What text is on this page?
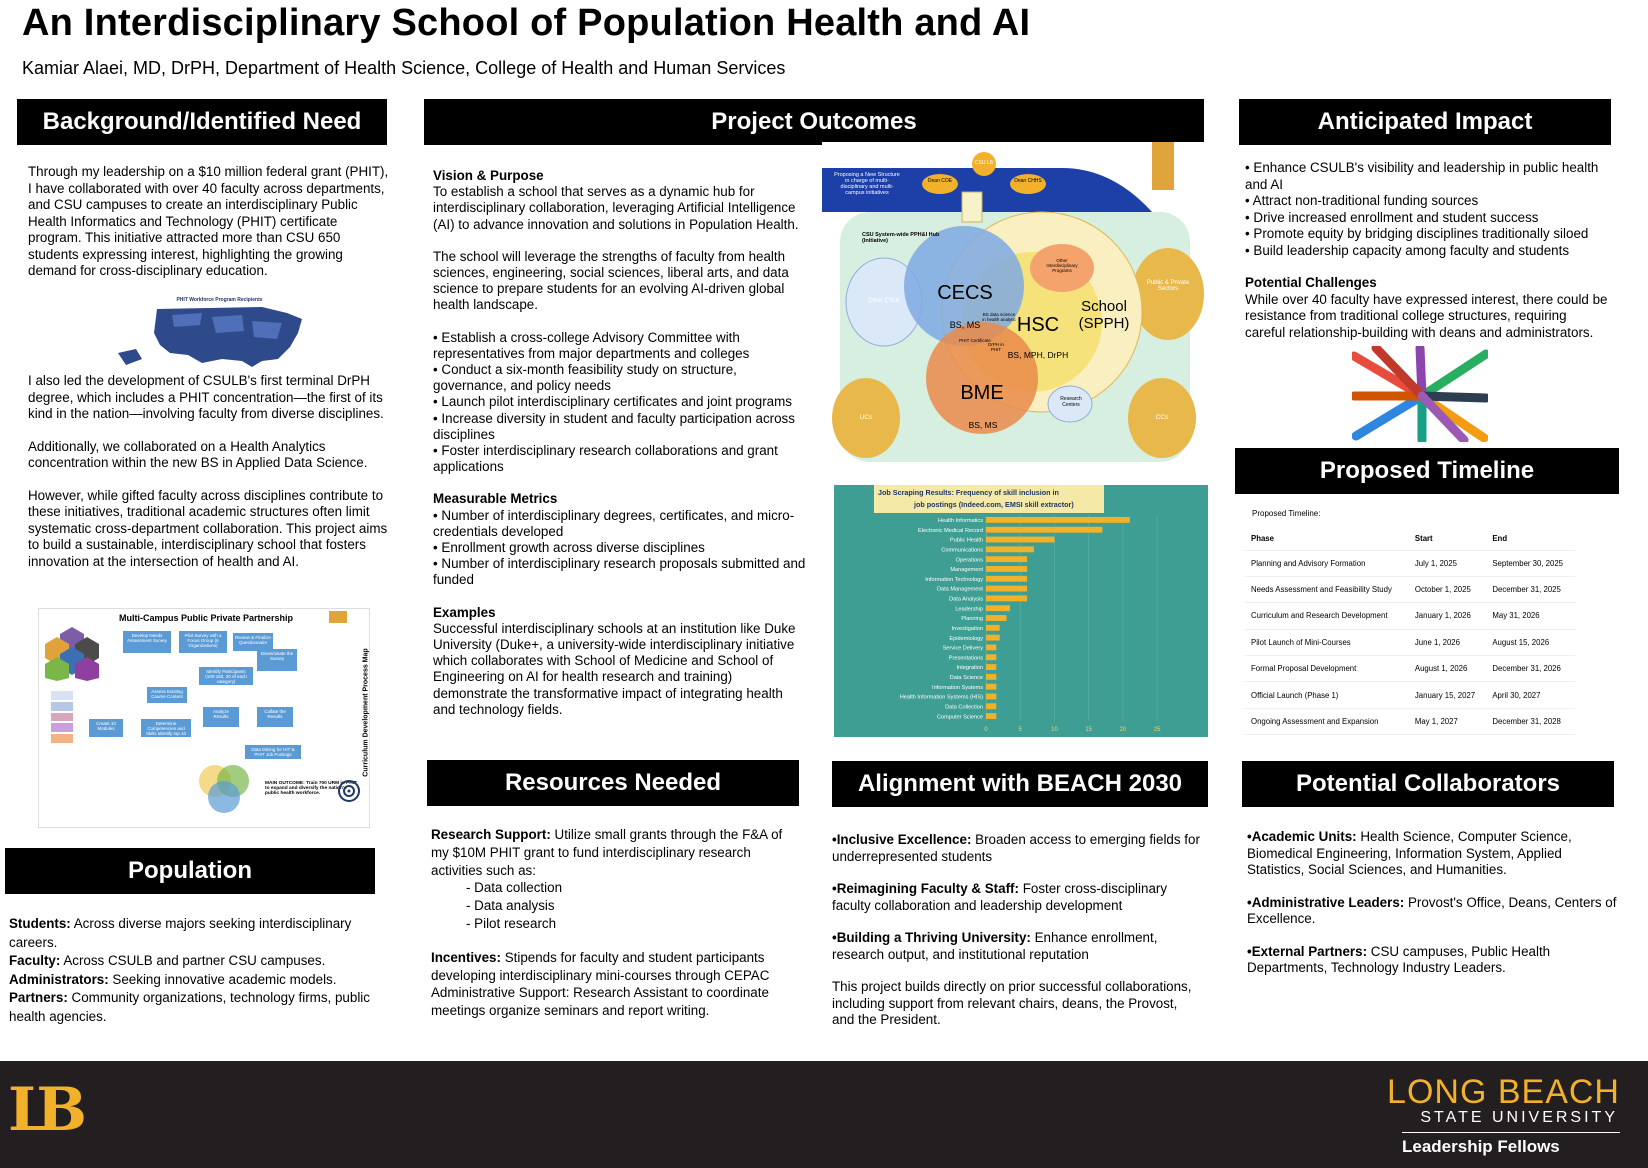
An Interdisciplinary School of Population Health and AI
Kamiar Alaei, MD, DrPH, Department of Health Science, College of Health and Human Services
Background/Identified Need

Through my leadership on a $10 million federal grant (PHIT), I have collaborated with over 40 faculty across departments, and CSU campuses to create an interdisciplinary Public Health Informatics and Technology (PHIT) certificate program. This initiative attracted more than CSU 650 students expressing interest, highlighting the growing demand for cross-disciplinary education.

PHIT Workforce Program Recipients

I also led the development of CSULB's first terminal DrPH degree, which includes a PHIT concentration—the first of its kind in the nation—involving faculty from diverse disciplines.

Additionally, we collaborated on a Health Analytics concentration within the new BS in Applied Data Science.

However, while gifted faculty across disciplines contribute to these initiatives, traditional academic structures often limit systematic cross-department collaboration. This project aims to build a sustainable, interdisciplinary school that fosters innovation at the intersection of health and AI.

Multi-Campus Public Private Partnership
Curriculum Development Process Map
Develop Needs Assessment Survey
Pilot Survey with a Focus Group (6 Organizations)
Review & Finalize Questionnaire
Disseminate the Survey
Identify Participants (100-150, 20 of each category)
Assess Existing Course Content
Collate the Results
Analyze Results
Determine Competencies and Skills Identify top 10
Create 10 Modules
Data Mining for HIT & PHIT Job Postings
MAIN OUTCOME: Train 700 URM in PHIT to expand and diversify the nation's public health workforce.
Population

Students: Across diverse majors seeking interdisciplinary careers.

Faculty: Across CSULB and partner CSU campuses.

Administrators: Seeking innovative academic models.

Partners: Community organizations, technology firms, public health agencies.

Project Outcomes

Vision & Purpose

To establish a school that serves as a dynamic hub for interdisciplinary collaboration, leveraging Artificial Intelligence (AI) to advance innovation and solutions in Population Health.

The school will leverage the strengths of faculty from health sciences, engineering, social sciences, liberal arts, and data science to prepare students for an evolving AI-driven global health landscape.

• Establish a cross-college Advisory Committee with representatives from major departments and colleges
• Conduct a six-month feasibility study on structure, governance, and policy needs
• Launch pilot interdisciplinary certificates and joint programs
• Increase diversity in student and faculty participation across disciplines
• Foster interdisciplinary research collaborations and grant applications

Measurable Metrics

• Number of interdisciplinary degrees, certificates, and micro-credentials developed
• Enrollment growth across diverse disciplines
• Number of interdisciplinary research proposals submitted and funded

Examples

Successful interdisciplinary schools at an institution like Duke University (Duke+, a university-wide interdisciplinary initiative which collaborates with School of Medicine and School of Engineering on AI for health research and training) demonstrate the transformative impact of integrating health and technology fields.

Proposing a New Structure in charge of multi-disciplinary and multi-campus initiatives
CSU LB
Dean COE	Dean CHHS
CSU System-wide PPH&I Hub (Initiative)
Other CSUs
UCs
Public & Private Sectors
CCs
CECS
BS, MS	HSC
BS, MPH, DrPH
BME
BS, MS
School (SPPH)
Other Interdisciplinary Programs
Research Centers
PHIT Certificate
BS data science in health analytic
DrPH in PHIT
Job Scraping Results: Frequency of skill inclusion in job postings (Indeed.com, EMSI skill extractor)
0	5	10	15	20	25
Health Informatics
Electronic Medical Record
Public Health
Communications
Operations
Management
Information Technology
Data Management
Data Analysis
Leadership
Planning
Investigation
Epidemiology
Service Delivery
Presentations
Integration
Data Science
Information Systems
Health Information Systems (HIS)
Data Collection
Computer Science
Resources Needed

Research Support: Utilize small grants through the F&A of my $10M PHIT grant to fund interdisciplinary research activities such as:

- Data collection
- Data analysis
- Pilot research

Incentives: Stipends for faculty and student participants developing interdisciplinary mini-courses through CEPAC Administrative Support: Research Assistant to coordinate meetings organize seminars and report writing.

Alignment with BEACH 2030

•Inclusive Excellence: Broaden access to emerging fields for underrepresented students

•Reimagining Faculty & Staff: Foster cross-disciplinary faculty collaboration and leadership development

•Building a Thriving University: Enhance enrollment, research output, and institutional reputation

This project builds directly on prior successful collaborations, including support from relevant chairs, deans, the Provost, and the President.

Anticipated Impact
• Enhance CSULB's visibility and leadership in public health and AI
• Attract non-traditional funding sources
• Drive increased enrollment and student success
• Promote equity by bridging disciplines traditionally siloed
• Build leadership capacity among faculty and students

Potential Challenges

While over 40 faculty have expressed interest, there could be resistance from traditional college structures, requiring careful relationship-building with deans and administrators.

Proposed Timeline
Proposed Timeline:
Phase	Start	End
Planning and Advisory Formation	July 1, 2025	September 30, 2025
Needs Assessment and Feasibility Study	October 1, 2025	December 31, 2025
Curriculum and Research Development	January 1, 2026	May 31, 2026
Pilot Launch of Mini-Courses	June 1, 2026	August 15, 2026
Formal Proposal Development	August 1, 2026	December 31, 2026
Official Launch (Phase 1)	January 15, 2027	April 30, 2027
Ongoing Assessment and Expansion	May 1, 2027	December 31, 2028
Potential Collaborators

•Academic Units: Health Science, Computer Science, Biomedical Engineering, Information System, Applied Statistics, Social Sciences, and Humanities.

•Administrative Leaders: Provost's Office, Deans, Centers of Excellence.

•External Partners: CSU campuses, Public Health Departments, Technology Industry Leaders.

LB	LONG BEACH
STATE UNIVERSITY
Leadership Fellows
